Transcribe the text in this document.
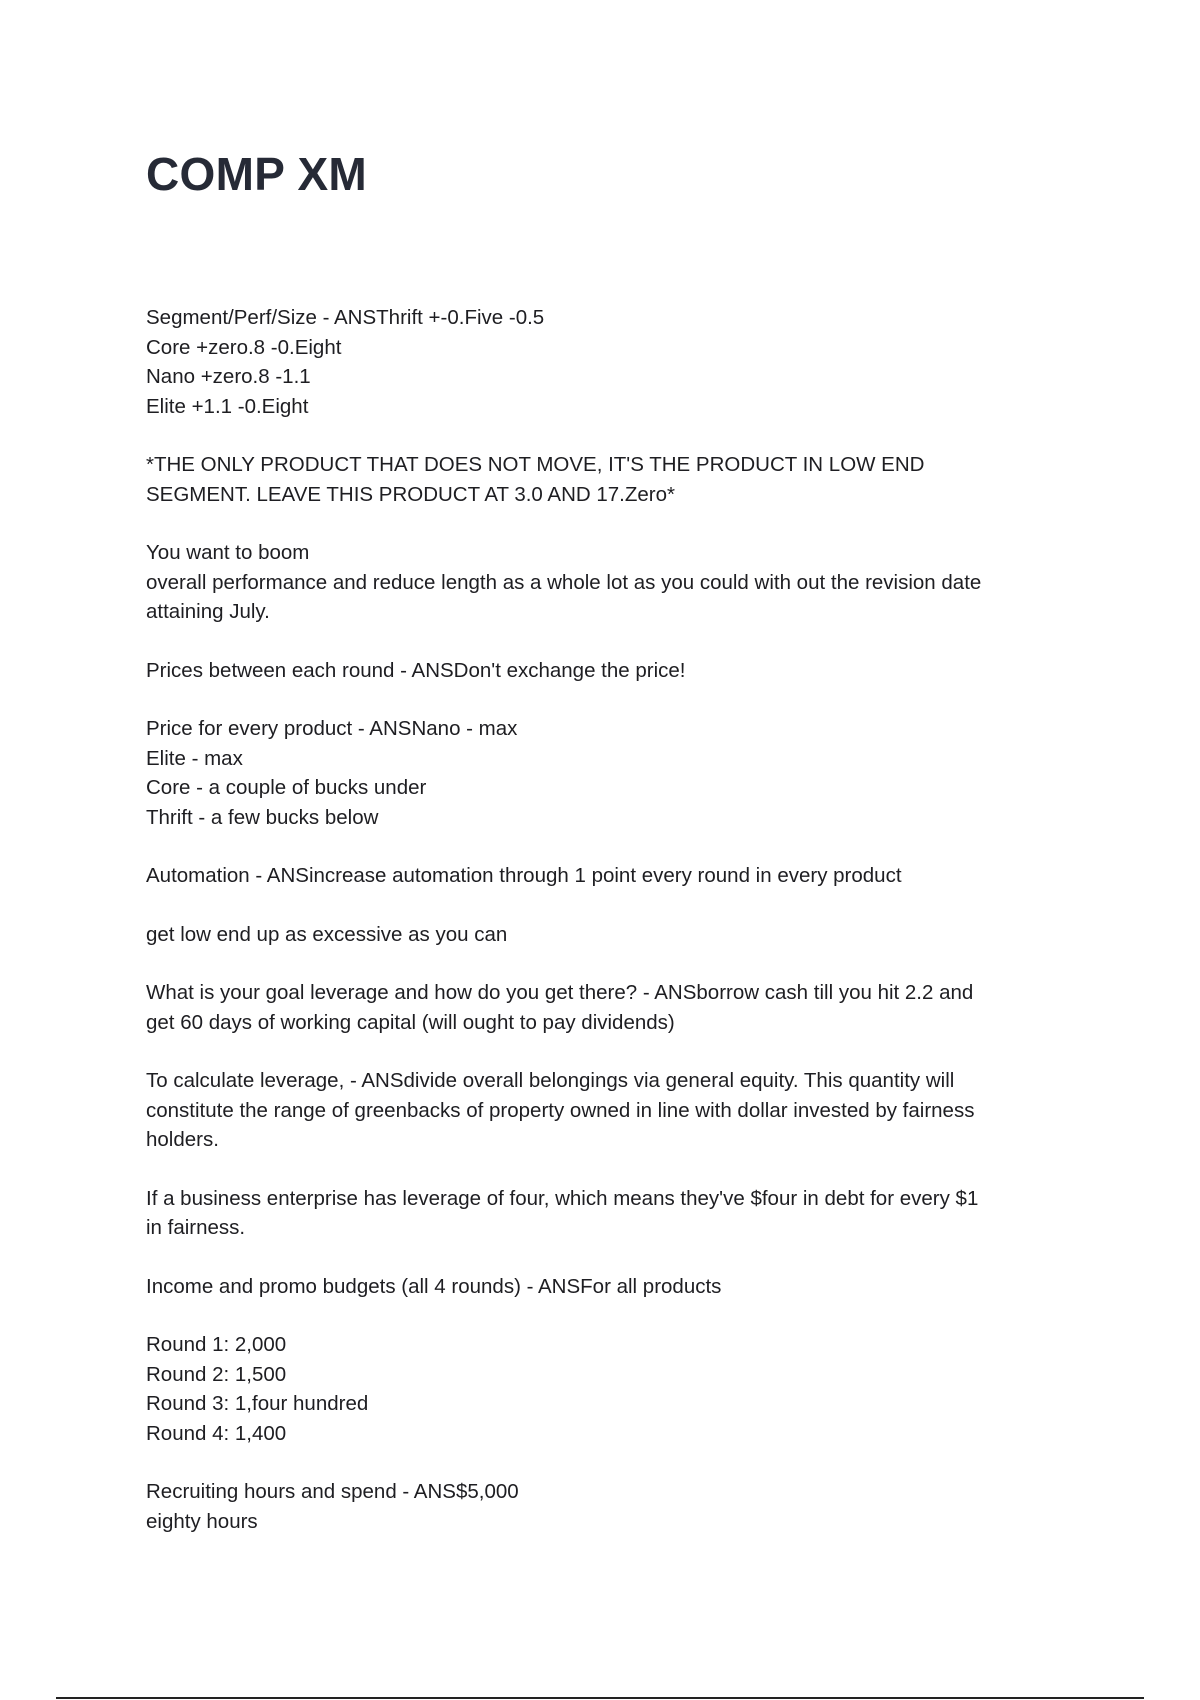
COMP XM

Segment/Perf/Size - ANSThrift +-0.Five -0.5
Core +zero.8 -0.Eight
Nano +zero.8 -1.1
Elite +1.1 -0.Eight

*THE ONLY PRODUCT THAT DOES NOT MOVE, IT'S THE PRODUCT IN LOW END
SEGMENT. LEAVE THIS PRODUCT AT 3.0 AND 17.Zero*

You want to boom
overall performance and reduce length as a whole lot as you could with out the revision date
attaining July.

Prices between each round - ANSDon't exchange the price!

Price for every product - ANSNano - max
Elite - max
Core - a couple of bucks under
Thrift - a few bucks below

Automation - ANSincrease automation through 1 point every round in every product

get low end up as excessive as you can

What is your goal leverage and how do you get there? - ANSborrow cash till you hit 2.2 and
get 60 days of working capital (will ought to pay dividends)

To calculate leverage, - ANSdivide overall belongings via general equity. This quantity will
constitute the range of greenbacks of property owned in line with dollar invested by fairness
holders.

If a business enterprise has leverage of four, which means they've $four in debt for every $1
in fairness.

Income and promo budgets (all 4 rounds) - ANSFor all products

Round 1: 2,000
Round 2: 1,500
Round 3: 1,four hundred
Round 4: 1,400

Recruiting hours and spend - ANS$5,000
eighty hours
